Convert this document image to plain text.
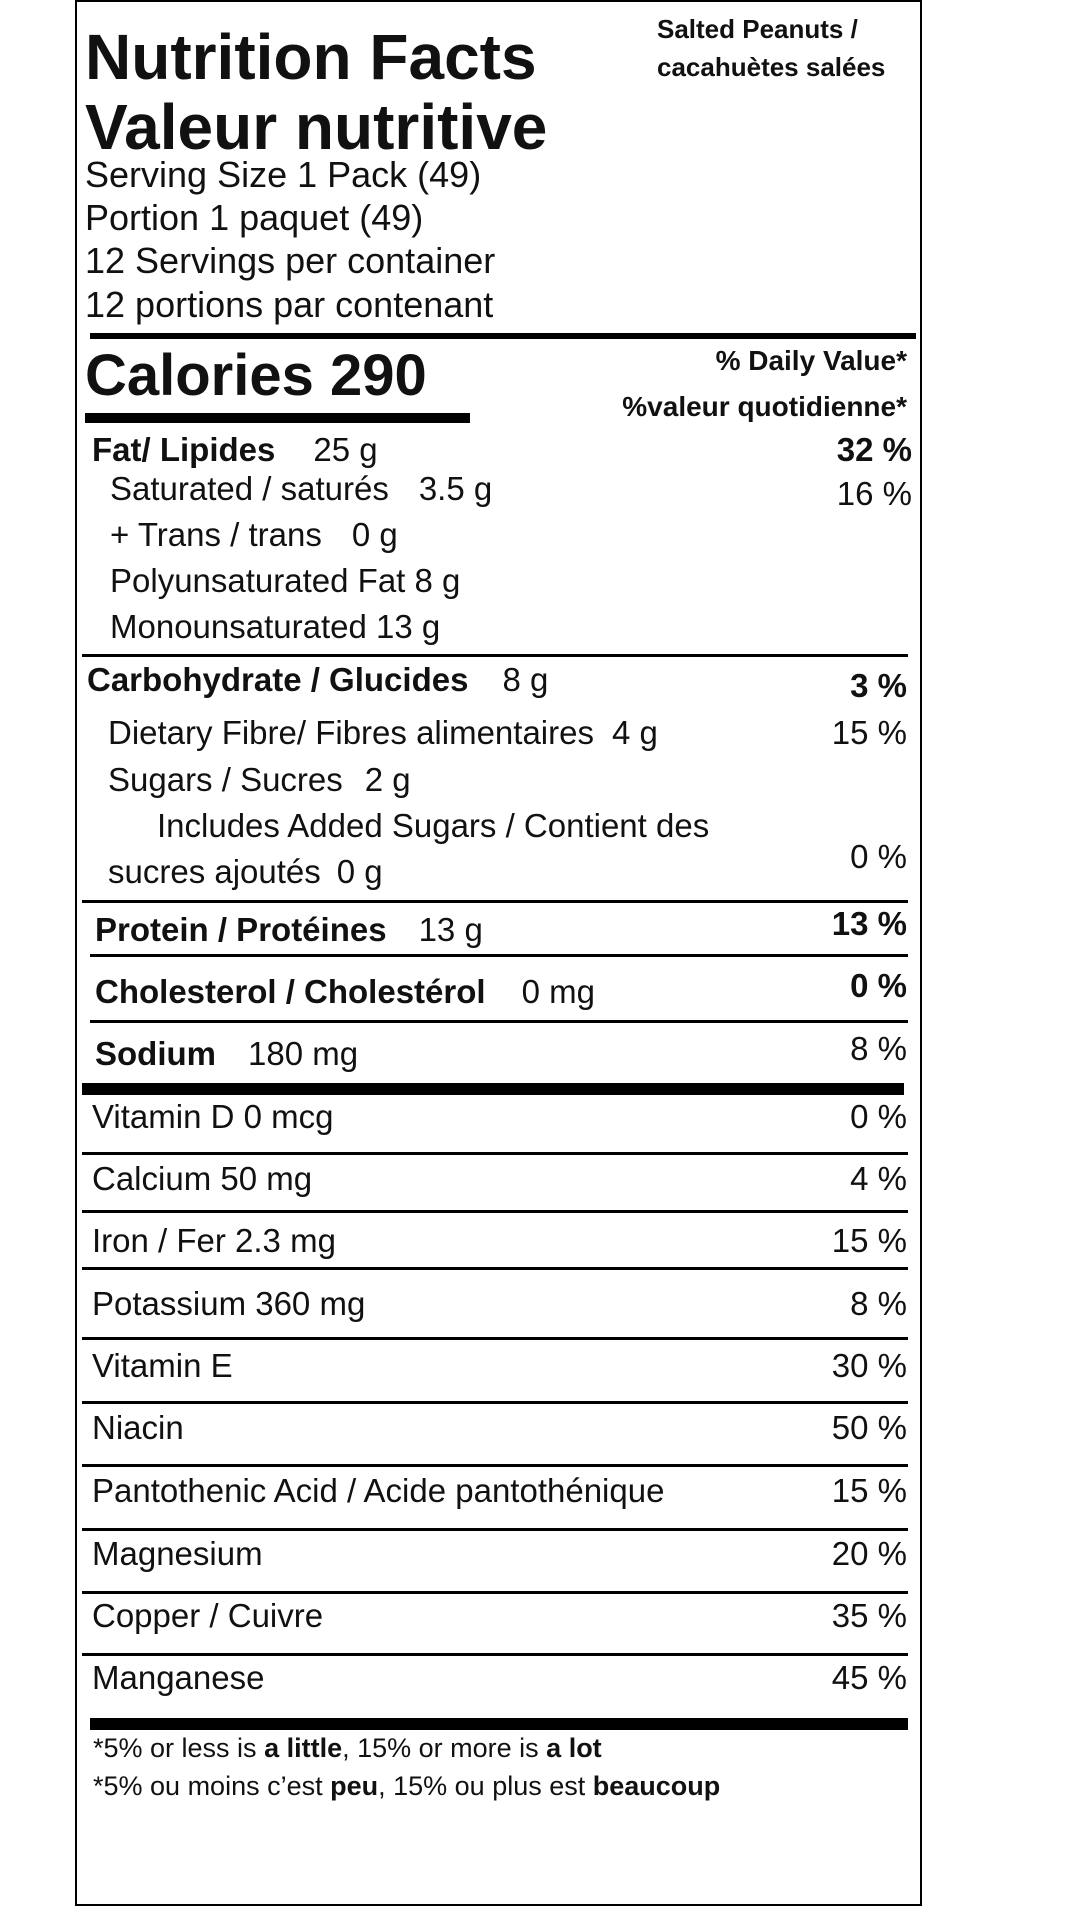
Nutrition Facts
Valeur nutritive
Salted Peanuts /
cacahuètes salées
Serving Size 1 Pack (49)
Portion 1 paquet (49)
12 Servings per container
12 portions par contenant
Calories 290	% Daily Value*
%valeur quotidienne*
Fat/ Lipides 25 g	32 %
Saturated / saturés 3.5 g	16 %
+ Trans / trans 0 g
Polyunsaturated Fat 8 g
Monounsaturated 13 g
Carbohydrate / Glucides 8 g	3 %
Dietary Fibre/ Fibres alimentaires 4 g	15 %
Sugars / Sucres 2 g
Includes Added Sugars / Contient des
sucres ajoutés 0 g	0 %
Protein / Protéines 13 g	13 %
Cholesterol / Cholestérol 0 mg	0 %
Sodium 180 mg	8 %
Vitamin D 0 mcg	0 %
Calcium 50 mg	4 %
Iron / Fer 2.3 mg	15 %
Potassium 360 mg	8 %
Vitamin E	30 %
Niacin	50 %
Pantothenic Acid / Acide pantothénique	15 %
Magnesium	20 %
Copper / Cuivre	35 %
Manganese	45 %
*5% or less is a little, 15% or more is a lot
*5% ou moins c’est peu, 15% ou plus est beaucoup
